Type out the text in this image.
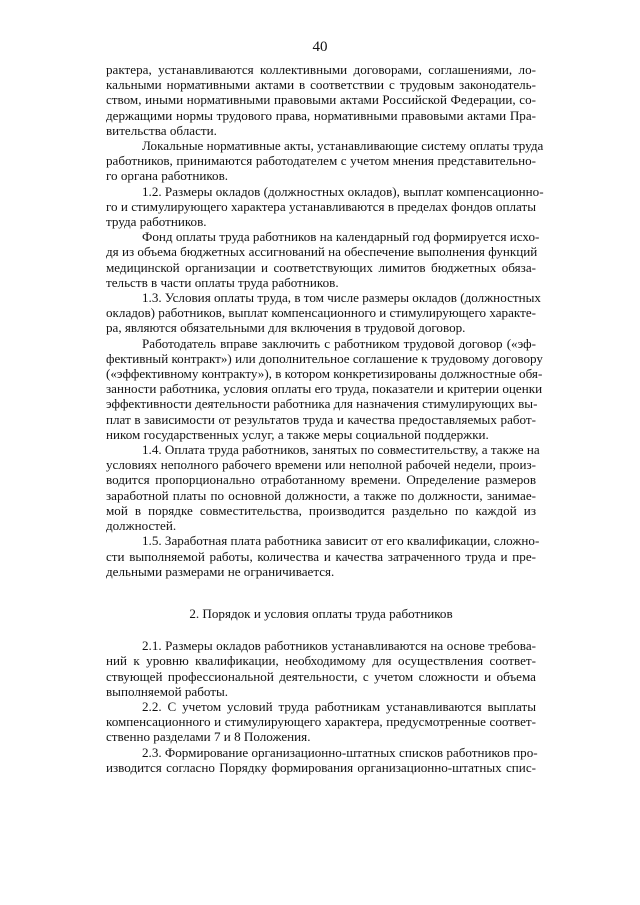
40
рактера, устанавливаются коллективными договорами, соглашениями, ло-
кальными нормативными актами в соответствии с трудовым законодатель-
ством, иными нормативными правовыми актами Российской Федерации, со-
держащими нормы трудового права, нормативными правовыми актами Пра-
вительства области.
Локальные нормативные акты, устанавливающие систему оплаты труда
работников, принимаются работодателем с учетом мнения представительно-
го органа работников.
1.2. Размеры окладов (должностных окладов), выплат компенсационно-
го и стимулирующего характера устанавливаются в пределах фондов оплаты
труда работников.
Фонд оплаты труда работников на календарный год формируется исхо-
дя из объема бюджетных ассигнований на обеспечение выполнения функций
медицинской организации и соответствующих лимитов бюджетных обяза-
тельств в части оплаты труда работников.
1.3. Условия оплаты труда, в том числе размеры окладов (должностных
окладов) работников, выплат компенсационного и стимулирующего характе-
ра, являются обязательными для включения в трудовой договор.
Работодатель вправе заключить с работником трудовой договор («эф-
фективный контракт») или дополнительное соглашение к трудовому договору
(«эффективному контракту»), в котором конкретизированы должностные обя-
занности работника, условия оплаты его труда, показатели и критерии оценки
эффективности деятельности работника для назначения стимулирующих вы-
плат в зависимости от результатов труда и качества предоставляемых работ-
ником государственных услуг, а также меры социальной поддержки.
1.4. Оплата труда работников, занятых по совместительству, а также на
условиях неполного рабочего времени или неполной рабочей недели, произ-
водится пропорционально отработанному времени. Определение размеров
заработной платы по основной должности, а также по должности, занимае-
мой в порядке совместительства, производится раздельно по каждой из
должностей.
1.5. Заработная плата работника зависит от его квалификации, сложно-
сти выполняемой работы, количества и качества затраченного труда и пре-
дельными размерами не ограничивается.
2. Порядок и условия оплаты труда работников
2.1. Размеры окладов работников устанавливаются на основе требова-
ний к уровню квалификации, необходимому для осуществления соответ-
ствующей профессиональной деятельности, с учетом сложности и объема
выполняемой работы.
2.2. С учетом условий труда работникам устанавливаются выплаты
компенсационного и стимулирующего характера, предусмотренные соответ-
ственно разделами 7 и 8 Положения.
2.3. Формирование организационно-штатных списков работников про-
изводится согласно Порядку формирования организационно-штатных спис-
